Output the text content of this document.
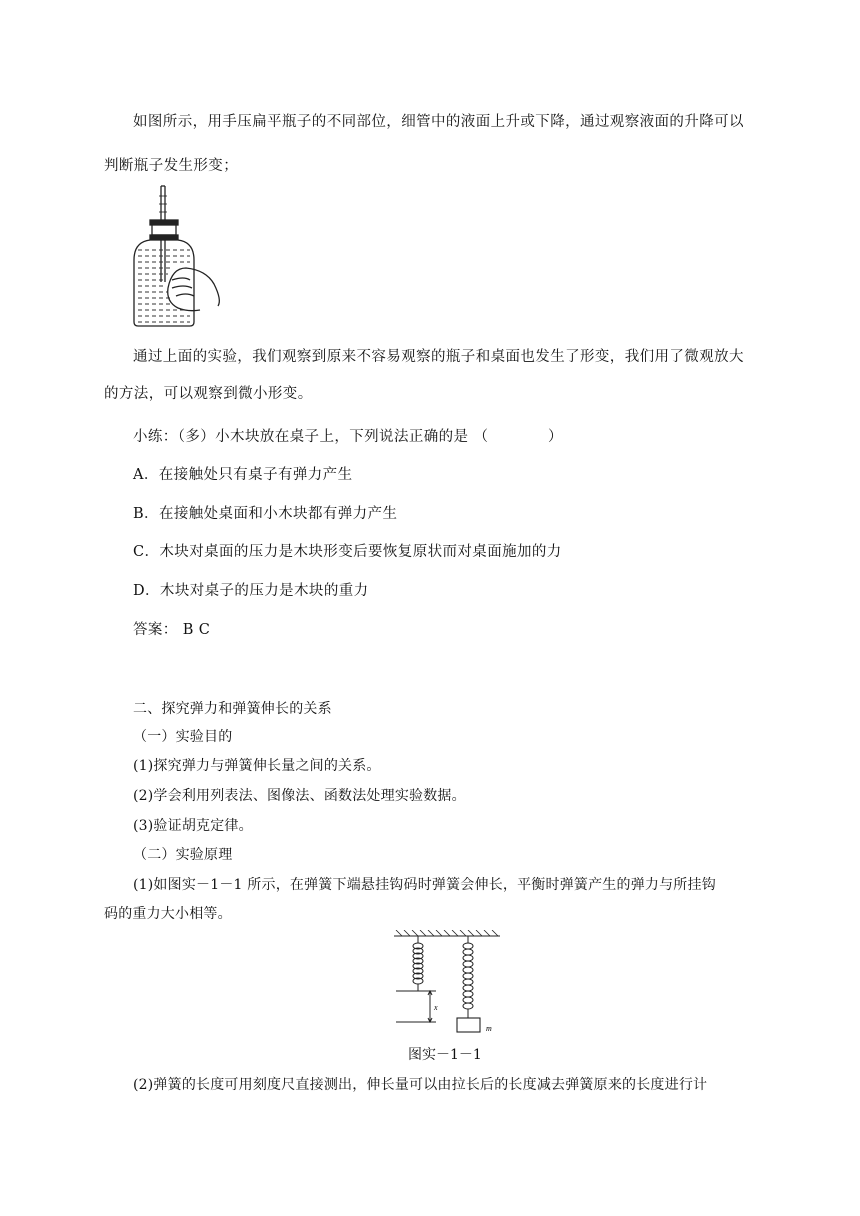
如图所示，用手压扁平瓶子的不同部位，细管中的液面上升或下降，通过观察液面的升降可以
判断瓶子发生形变；
通过上面的实验，我们观察到原来不容易观察的瓶子和桌面也发生了形变，我们用了微观放大
的方法，可以观察到微小形变。
小练：（多）小木块放在桌子上，下列说法正确的是 （　　　　）
A．在接触处只有桌子有弹力产生
B．在接触处桌面和小木块都有弹力产生
C．木块对桌面的压力是木块形变后要恢复原状而对桌面施加的力
D．木块对桌子的压力是木块的重力
答案： B C
二、探究弹力和弹簧伸长的关系
（一）实验目的
(1)探究弹力与弹簧伸长量之间的关系。
(2)学会利用列表法、图像法、函数法处理实验数据。
(3)验证胡克定律。
（二）实验原理
(1)如图实－1－1 所示，在弹簧下端悬挂钩码时弹簧会伸长，平衡时弹簧产生的弹力与所挂钩
码的重力大小相等。
x
m
图实－1－1
(2)弹簧的长度可用刻度尺直接测出，伸长量可以由拉长后的长度减去弹簧原来的长度进行计
